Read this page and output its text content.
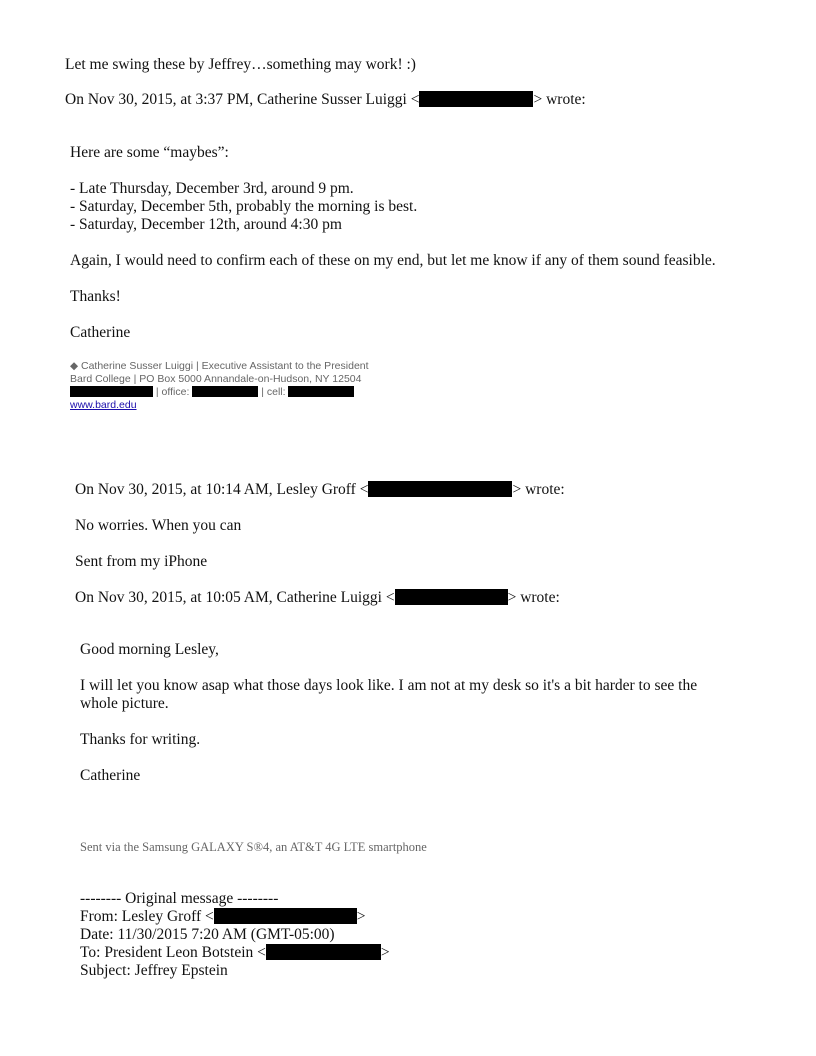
Let me swing these by Jeffrey…something may work! :)
On Nov 30, 2015, at 3:37 PM, Catherine Susser Luiggi <	> wrote:
Here are some “maybes”:
- Late Thursday, December 3rd, around 9 pm.
- Saturday, December 5th, probably the morning is best.
- Saturday, December 12th, around 4:30 pm
Again, I would need to confirm each of these on my end, but let me know if any of them sound feasible.
Thanks!
Catherine
◆ Catherine Susser Luiggi | Executive Assistant to the President
Bard College | PO Box 5000 Annandale-on-Hudson, NY 12504
| office:	| cell:
www.bard.edu
On Nov 30, 2015, at 10:14 AM, Lesley Groff <	> wrote:
No worries. When you can
Sent from my iPhone
On Nov 30, 2015, at 10:05 AM, Catherine Luiggi <	> wrote:
Good morning Lesley,
I will let you know asap what those days look like. I am not at my desk so it's a bit harder to see the
whole picture.
Thanks for writing.
Catherine
Sent via the Samsung GALAXY S®4, an AT&T 4G LTE smartphone
-------- Original message --------
From: Lesley Groff <	>
Date: 11/30/2015 7:20 AM (GMT-05:00)
To: President Leon Botstein <	>
Subject: Jeffrey Epstein
